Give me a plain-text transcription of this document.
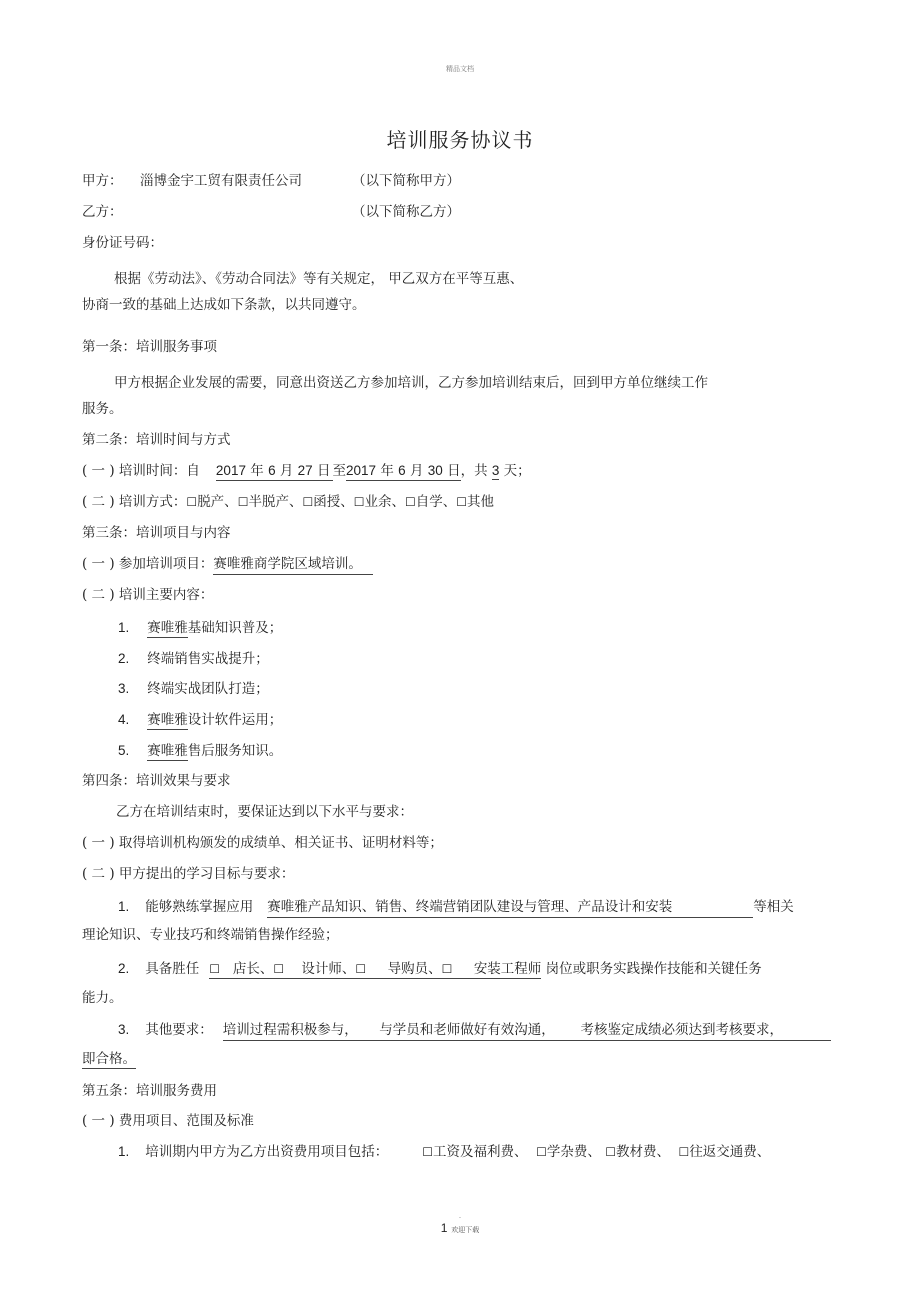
精品文档
培训服务协议书
甲方： 淄博金宇工贸有限责任公司	（以下简称甲方）
乙方：	（以下简称乙方）
身份证号码：
根据《劳动法》、《劳动合同法》等有关规定， 甲乙双方在平等互惠、
协商一致的基础上达成如下条款，以共同遵守。
第一条：培训服务事项
甲方根据企业发展的需要，同意出资送乙方参加培训，乙方参加培训结束后，回到甲方单位继续工作
服务。
第二条：培训时间与方式
( 一 ) 培训时间：自 2017 年 6 月 27 日 至2017 年 6 月 30 日，共 3 天；
( 二 ) 培训方式：☐脱产、☐半脱产、☐函授、☐业余、☐自学、☐其他
第三条：培训项目与内容
( 一 ) 参加培训项目：赛唯雅商学院区域培训。
( 二 ) 培训主要内容：
1. 赛唯雅基础知识普及；
2. 终端销售实战提升；
3. 终端实战团队打造；
4. 赛唯雅设计软件运用；
5. 赛唯雅售后服务知识。
第四条：培训效果与要求
乙方在培训结束时，要保证达到以下水平与要求：
( 一 ) 取得培训机构颁发的成绩单、相关证书、证明材料等；
( 二 ) 甲方提出的学习目标与要求：
1. 能够熟练掌握应用 赛唯雅产品知识、销售、终端营销团队建设与管理、产品设计和安装	等相关
理论知识、专业技巧和终端销售操作经验；
2. 具备胜任 ☐ 店长、☐ 设计师、☐ 导购员、☐ 安装工程师 岗位或职务实践操作技能和关键任务
能力。
3. 其他要求： 培训过程需积极参与，     与学员和老师做好有效沟通，      考核鉴定成绩必须达到考核要求，
即合格。
第五条：培训服务费用
( 一 ) 费用项目、范围及标准
1. 培训期内甲方为乙方出资费用项目包括：	☐工资及福利费、 ☐学杂费、 ☐教材费、 ☐往返交通费、
.
1 欢迎下载
